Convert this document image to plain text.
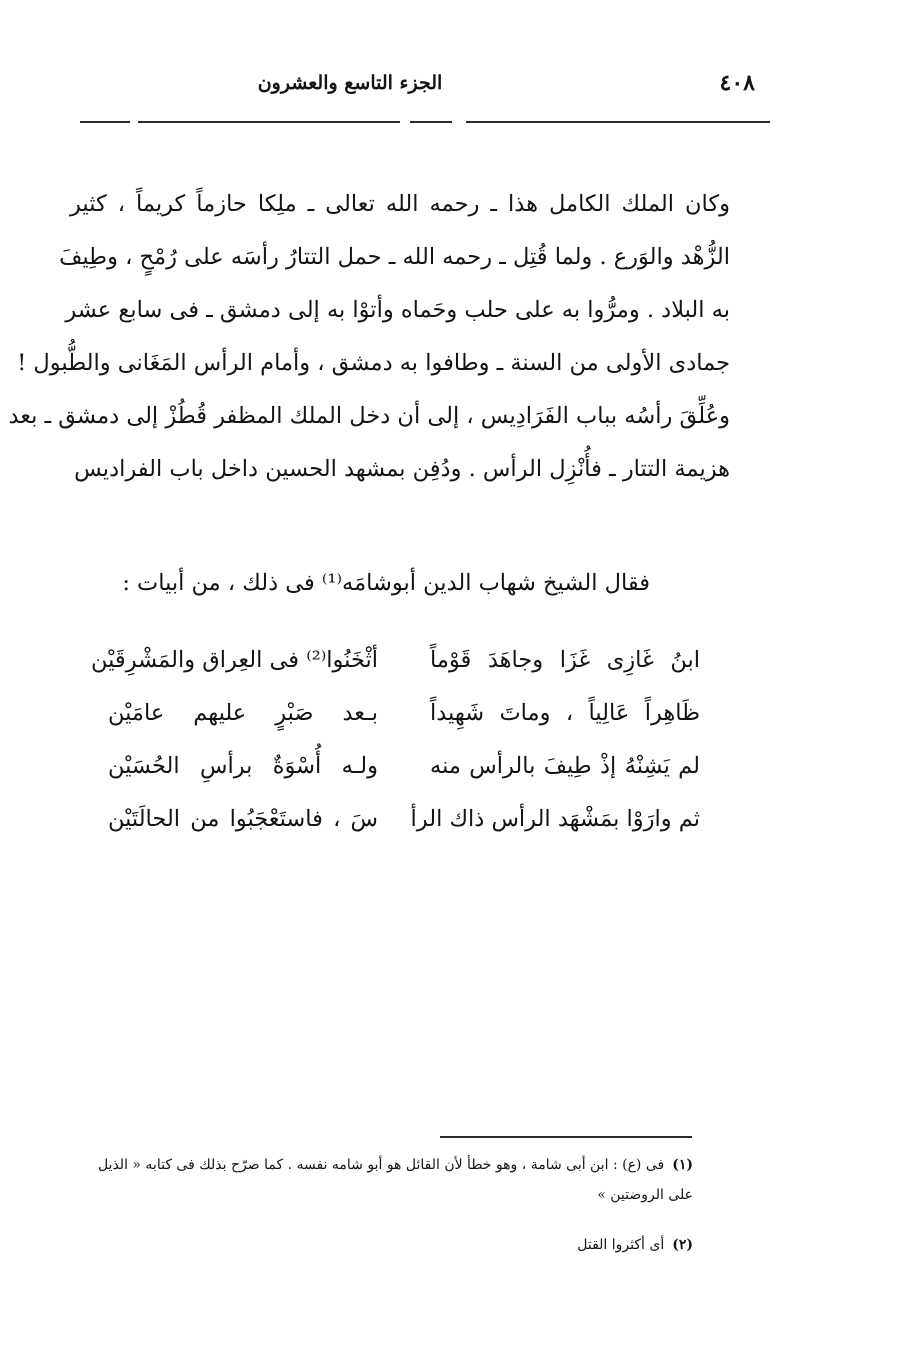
٤٠٨
الجزء التاسع والعشرون
وكان الملك الكامل هذا ـ رحمه الله تعالى ـ ملِكا حازماً كريماً ، كثير
الزُّهْد والوَرع . ولما قُتِل ـ رحمه الله ـ حمل التتارُ رأسَه على رُمْحٍ ، وطِيفَ
به البلاد . ومرُّوا به على حلب وحَماه وأتوْا به إلى دمشق ـ فى سابع عشر
جمادى الأولى من السنة ـ وطافوا به دمشق ، وأمام الرأس المَغَانى والطُّبول !
وعُلِّقَ رأسُه بباب الفَرَادِيس ، إلى أن دخل الملك المظفر قُطُزْ إلى دمشق ـ بعد
هزيمة التتار ـ فأُنْزِل الرأس . ودُفِن بمشهد الحسين داخل باب الفراديس
فقال الشيخ شهاب الدين أبوشامَه⁽¹⁾ فى ذلك ، من أبيات :
ابنُ غَازِى غَزَا وجاهَدَ قَوْماً
أثْخَنُوا⁽²⁾ فى العِراق والمَشْرِقَيْن
ظَاهِراً عَالِياً ، وماتَ شَهِيداً
بـعد صَبْرٍ عليهم عامَيْن
لم يَشِنْهُ إذْ طِيفَ بالرأس منه
ولـه أُسْوَةٌ برأسِ الحُسَيْن
ثم وارَوْا بمَشْهَد الرأس ذاك الرأ
سَ ، فاستَعْجَبُوا من الحالَتَيْن

(١)فى (ع) : ابن أبى شامة ، وهو خطأ لأن القائل هو أبو شامه نفسه . كما صرّح بذلك فى كتابه « الذيل

على الروضتين »

(٢)أى أكثروا القتل
